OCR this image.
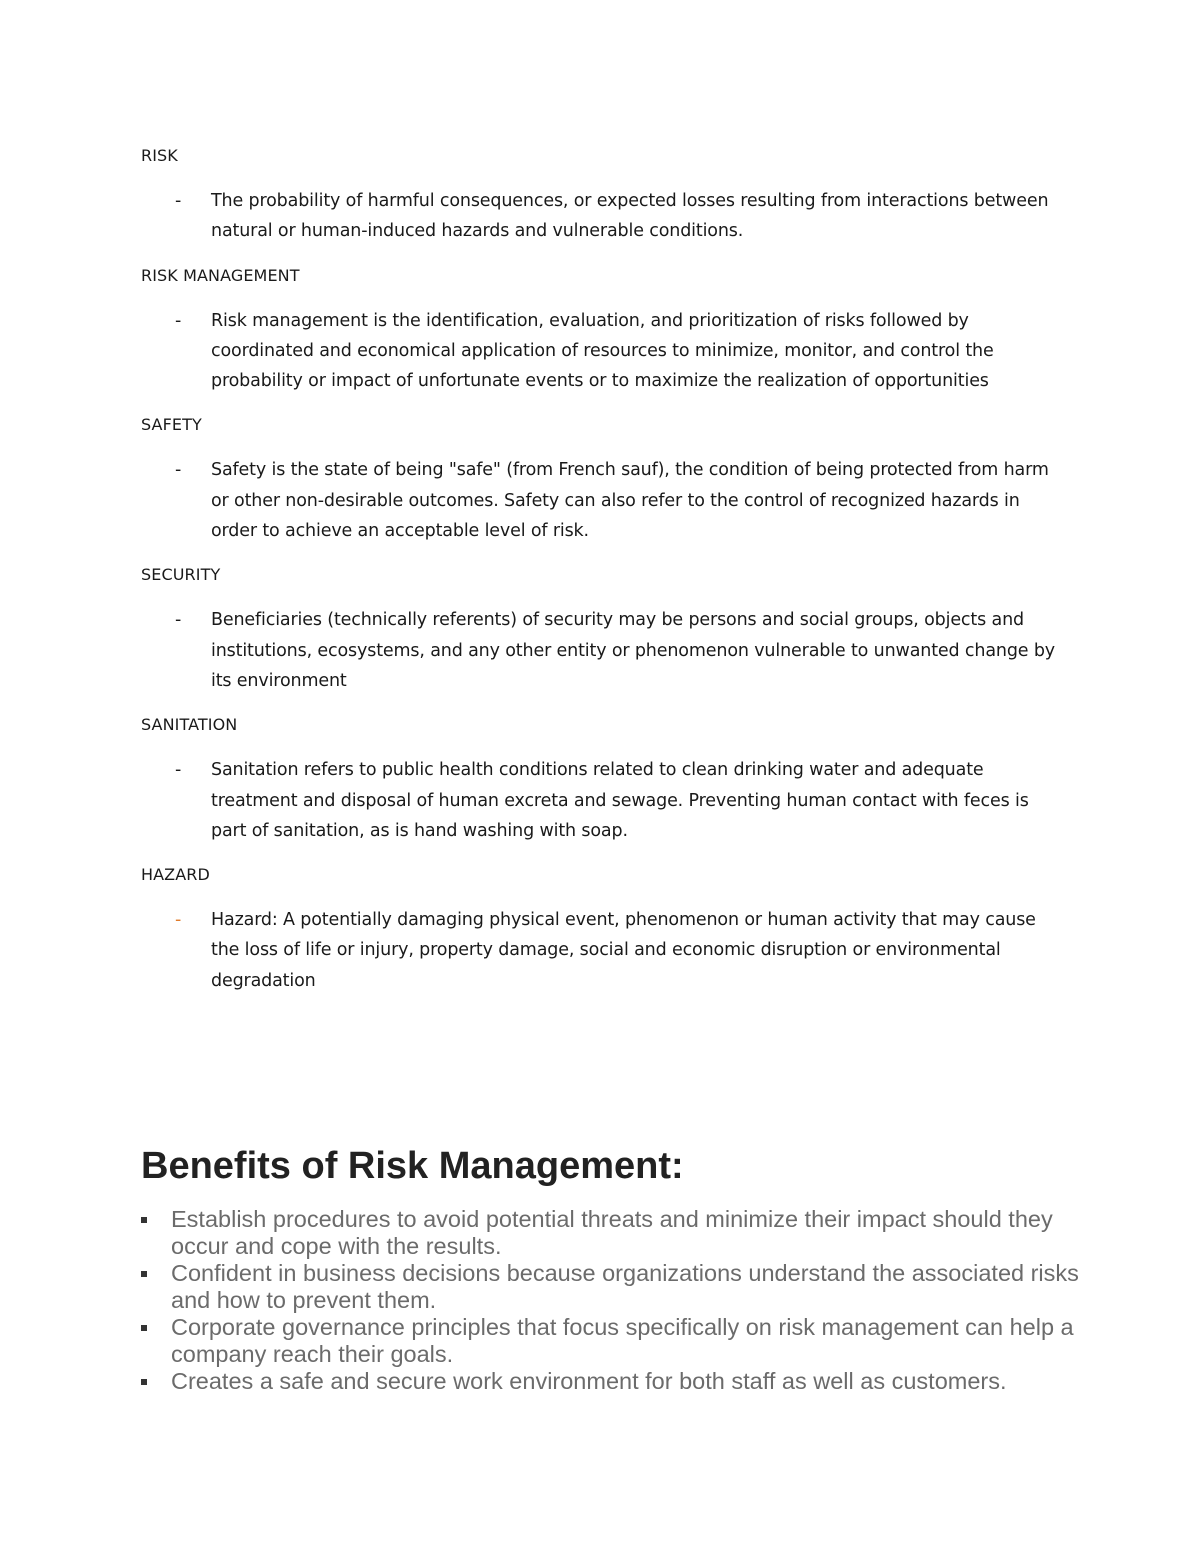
RISK

- The probability of harmful consequences, or expected losses resulting from interactions between natural or human-induced hazards and vulnerable conditions.

RISK MANAGEMENT

- Risk management is the identification, evaluation, and prioritization of risks followed by coordinated and economical application of resources to minimize, monitor, and control the probability or impact of unfortunate events or to maximize the realization of opportunities

SAFETY

- Safety is the state of being "safe" (from French sauf), the condition of being protected from harm or other non-desirable outcomes. Safety can also refer to the control of recognized hazards in order to achieve an acceptable level of risk.

SECURITY

- Beneficiaries (technically referents) of security may be persons and social groups, objects and institutions, ecosystems, and any other entity or phenomenon vulnerable to unwanted change by its environment

SANITATION

- Sanitation refers to public health conditions related to clean drinking water and adequate treatment and disposal of human excreta and sewage. Preventing human contact with feces is part of sanitation, as is hand washing with soap.

HAZARD

- Hazard: A potentially damaging physical event, phenomenon or human activity that may cause the loss of life or injury, property damage, social and economic disruption or environmental degradation
Benefits of Risk Management:
Establish procedures to avoid potential threats and minimize their impact should they occur and cope with the results.
Confident in business decisions because organizations understand the associated risks and how to prevent them.
Corporate governance principles that focus specifically on risk management can help a company reach their goals.
Creates a safe and secure work environment for both staff as well as customers.
